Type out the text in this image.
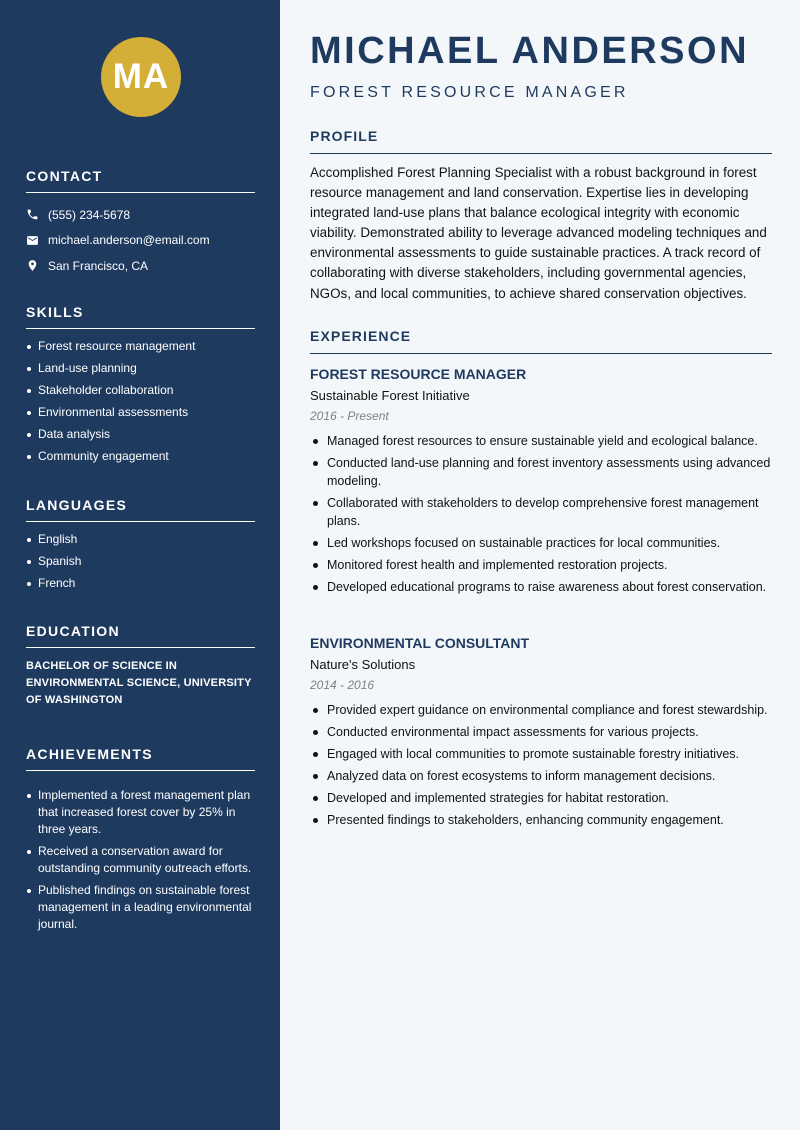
MA
CONTACT
(555) 234-5678
michael.anderson@email.com
San Francisco, CA
SKILLS
Forest resource management
Land-use planning
Stakeholder collaboration
Environmental assessments
Data analysis
Community engagement
LANGUAGES
English
Spanish
French
EDUCATION
BACHELOR OF SCIENCE IN ENVIRONMENTAL SCIENCE, UNIVERSITY OF WASHINGTON
ACHIEVEMENTS
Implemented a forest management plan that increased forest cover by 25% in three years.
Received a conservation award for outstanding community outreach efforts.
Published findings on sustainable forest management in a leading environmental journal.
MICHAEL ANDERSON
FOREST RESOURCE MANAGER
PROFILE
Accomplished Forest Planning Specialist with a robust background in forest resource management and land conservation. Expertise lies in developing integrated land-use plans that balance ecological integrity with economic viability. Demonstrated ability to leverage advanced modeling techniques and environmental assessments to guide sustainable practices. A track record of collaborating with diverse stakeholders, including governmental agencies, NGOs, and local communities, to achieve shared conservation objectives.
EXPERIENCE
FOREST RESOURCE MANAGER
Sustainable Forest Initiative
2016 - Present
Managed forest resources to ensure sustainable yield and ecological balance.
Conducted land-use planning and forest inventory assessments using advanced modeling.
Collaborated with stakeholders to develop comprehensive forest management plans.
Led workshops focused on sustainable practices for local communities.
Monitored forest health and implemented restoration projects.
Developed educational programs to raise awareness about forest conservation.
ENVIRONMENTAL CONSULTANT
Nature's Solutions
2014 - 2016
Provided expert guidance on environmental compliance and forest stewardship.
Conducted environmental impact assessments for various projects.
Engaged with local communities to promote sustainable forestry initiatives.
Analyzed data on forest ecosystems to inform management decisions.
Developed and implemented strategies for habitat restoration.
Presented findings to stakeholders, enhancing community engagement.
